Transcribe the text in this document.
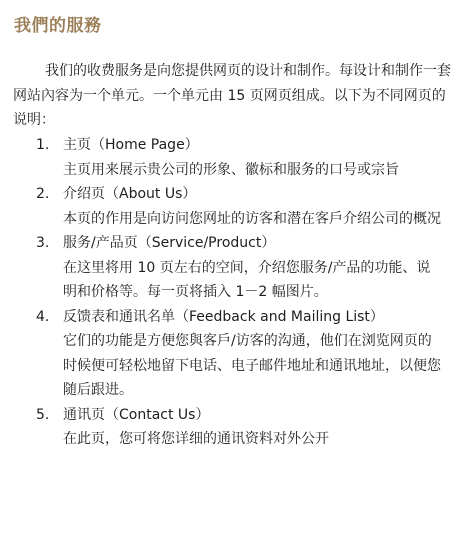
我們的服務

我们的收费服务是向您提供网页的设计和制作。每设计和制作一套网站內容为一个单元。一个单元由 15 页网页组成。以下为不同网页的说明：

1. 主页（Home Page）
主页用来展示贵公司的形象、徽标和服务的口号或宗旨
2. 介绍页（About Us）
本页的作用是向访问您网址的访客和潜在客戶介绍公司的概况
3. 服务/产品页（Service/Product）
在这里将用 10 页左右的空间，介绍您服务/产品的功能、说明和价格等。每一页将插入 1－2 幅图片。
4. 反馈表和通讯名单（Feedback and Mailing List）
它们的功能是方便您與客戶/访客的沟通，他们在浏览网页的时候便可轻松地留下电话、电子邮件地址和通讯地址，以便您随后跟进。
5. 通讯页（Contact Us）
在此页，您可将您详细的通讯资料对外公开
